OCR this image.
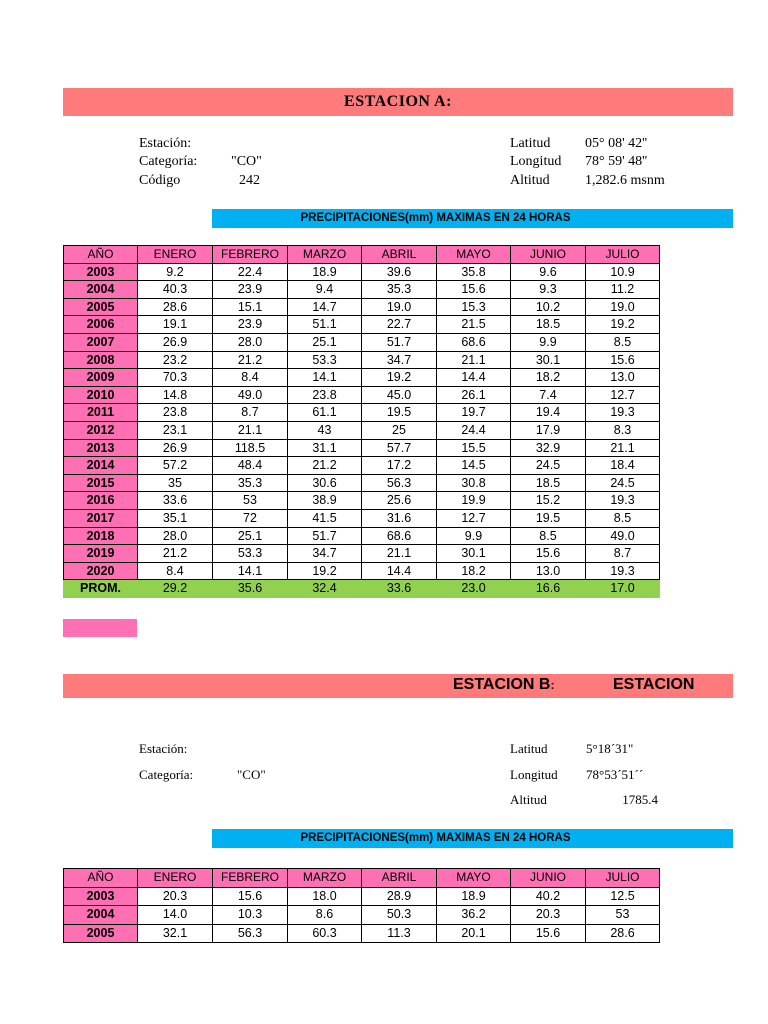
ESTACION A:
Estación:
Categoría: "CO"
Código	242
Latitud 05° 08' 42''
Longitud 78° 59' 48''
Altitud	1,282.6 msnm
PRECIPITACIONES(mm) MAXIMAS EN 24 HORAS
AÑO	ENERO	FEBRERO	MARZO	ABRIL	MAYO	JUNIO	JULIO
2003	9.2	22.4	18.9	39.6	35.8	9.6	10.9
2004	40.3	23.9	9.4	35.3	15.6	9.3	11.2
2005	28.6	15.1	14.7	19.0	15.3	10.2	19.0
2006	19.1	23.9	51.1	22.7	21.5	18.5	19.2
2007	26.9	28.0	25.1	51.7	68.6	9.9	8.5
2008	23.2	21.2	53.3	34.7	21.1	30.1	15.6
2009	70.3	8.4	14.1	19.2	14.4	18.2	13.0
2010	14.8	49.0	23.8	45.0	26.1	7.4	12.7
2011	23.8	8.7	61.1	19.5	19.7	19.4	19.3
2012	23.1	21.1	43	25	24.4	17.9	8.3
2013	26.9	118.5	31.1	57.7	15.5	32.9	21.1
2014	57.2	48.4	21.2	17.2	14.5	24.5	18.4
2015	35	35.3	30.6	56.3	30.8	18.5	24.5
2016	33.6	53	38.9	25.6	19.9	15.2	19.3
2017	35.1	72	41.5	31.6	12.7	19.5	8.5
2018	28.0	25.1	51.7	68.6	9.9	8.5	49.0
2019	21.2	53.3	34.7	21.1	30.1	15.6	8.7
2020	8.4	14.1	19.2	14.4	18.2	13.0	19.3
PROM.	29.2	35.6	32.4	33.6	23.0	16.6	17.0
ESTACION B:	ESTACION
Estación:
Categoría:	"CO"
Latitud	5°18´31"
Longitud 78°53´51´´
Altitud	1785.4
PRECIPITACIONES(mm) MAXIMAS EN 24 HORAS
AÑO	ENERO	FEBRERO	MARZO	ABRIL	MAYO	JUNIO	JULIO
2003	20.3	15.6	18.0	28.9	18.9	40.2	12.5
2004	14.0	10.3	8.6	50.3	36.2	20.3	53
2005	32.1	56.3	60.3	11.3	20.1	15.6	28.6
